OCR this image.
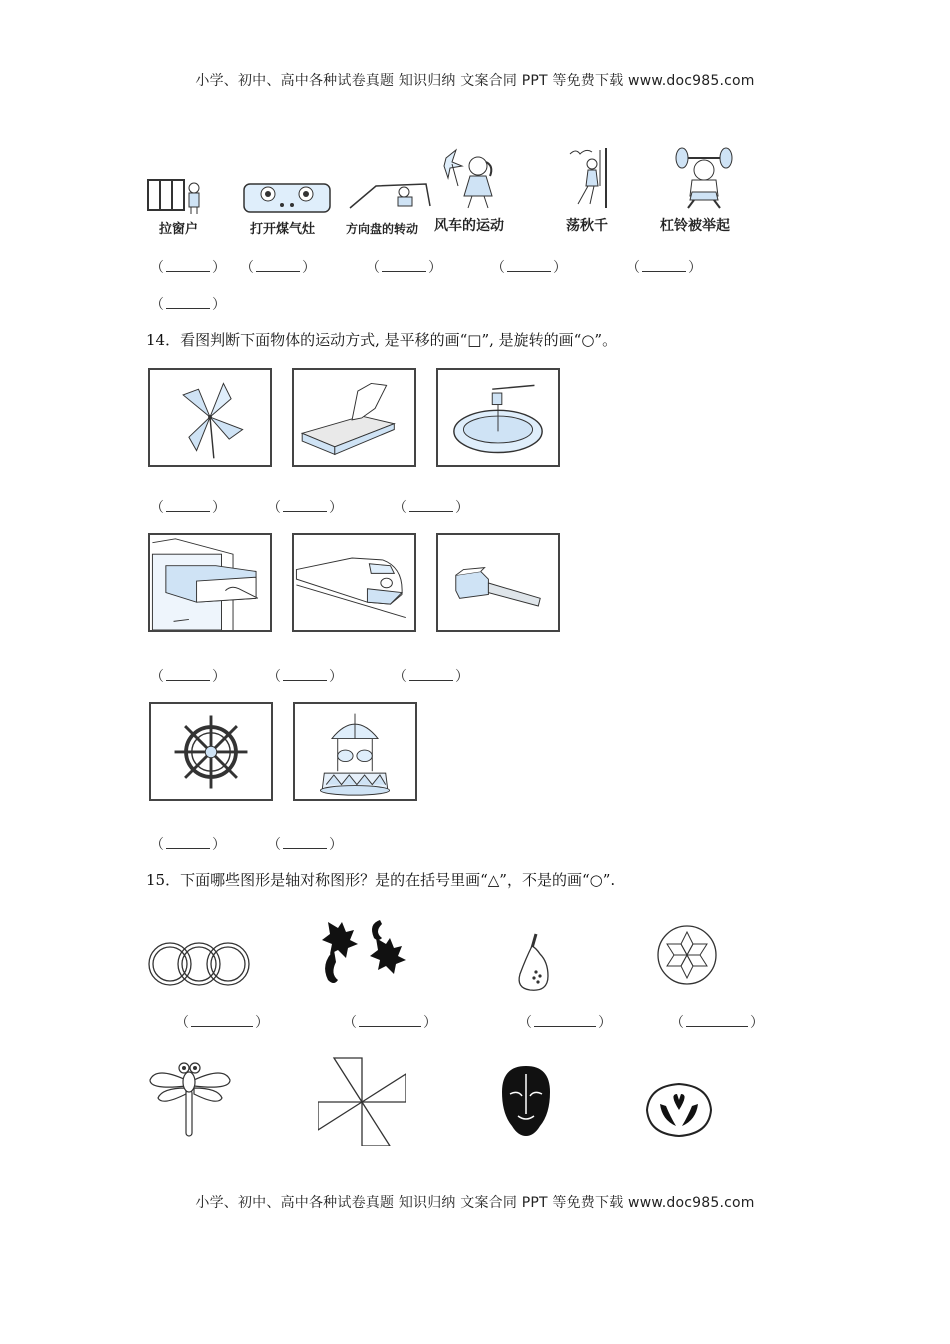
小学、初中、高中各种试卷真题 知识归纳 文案合同 PPT 等免费下载 www.doc985.com
拉窗户	打开煤气灶	方向盘的转动 风车的运动	荡秋千	杠铃被举起
（	） （	）	（	）	（	）	（	）
（	）
14．看图判断下面物体的运动方式, 是平移的画“□”, 是旋转的画“○”。
（	）	（	）	（	）
（	）	（	）	（	）
（	）	（	）
15．下面哪些图形是轴对称图形？是的在括号里画“△”，不是的画“○”.
（	）	（	）	（	）	（	）
小学、初中、高中各种试卷真题 知识归纳 文案合同 PPT 等免费下载 www.doc985.com
